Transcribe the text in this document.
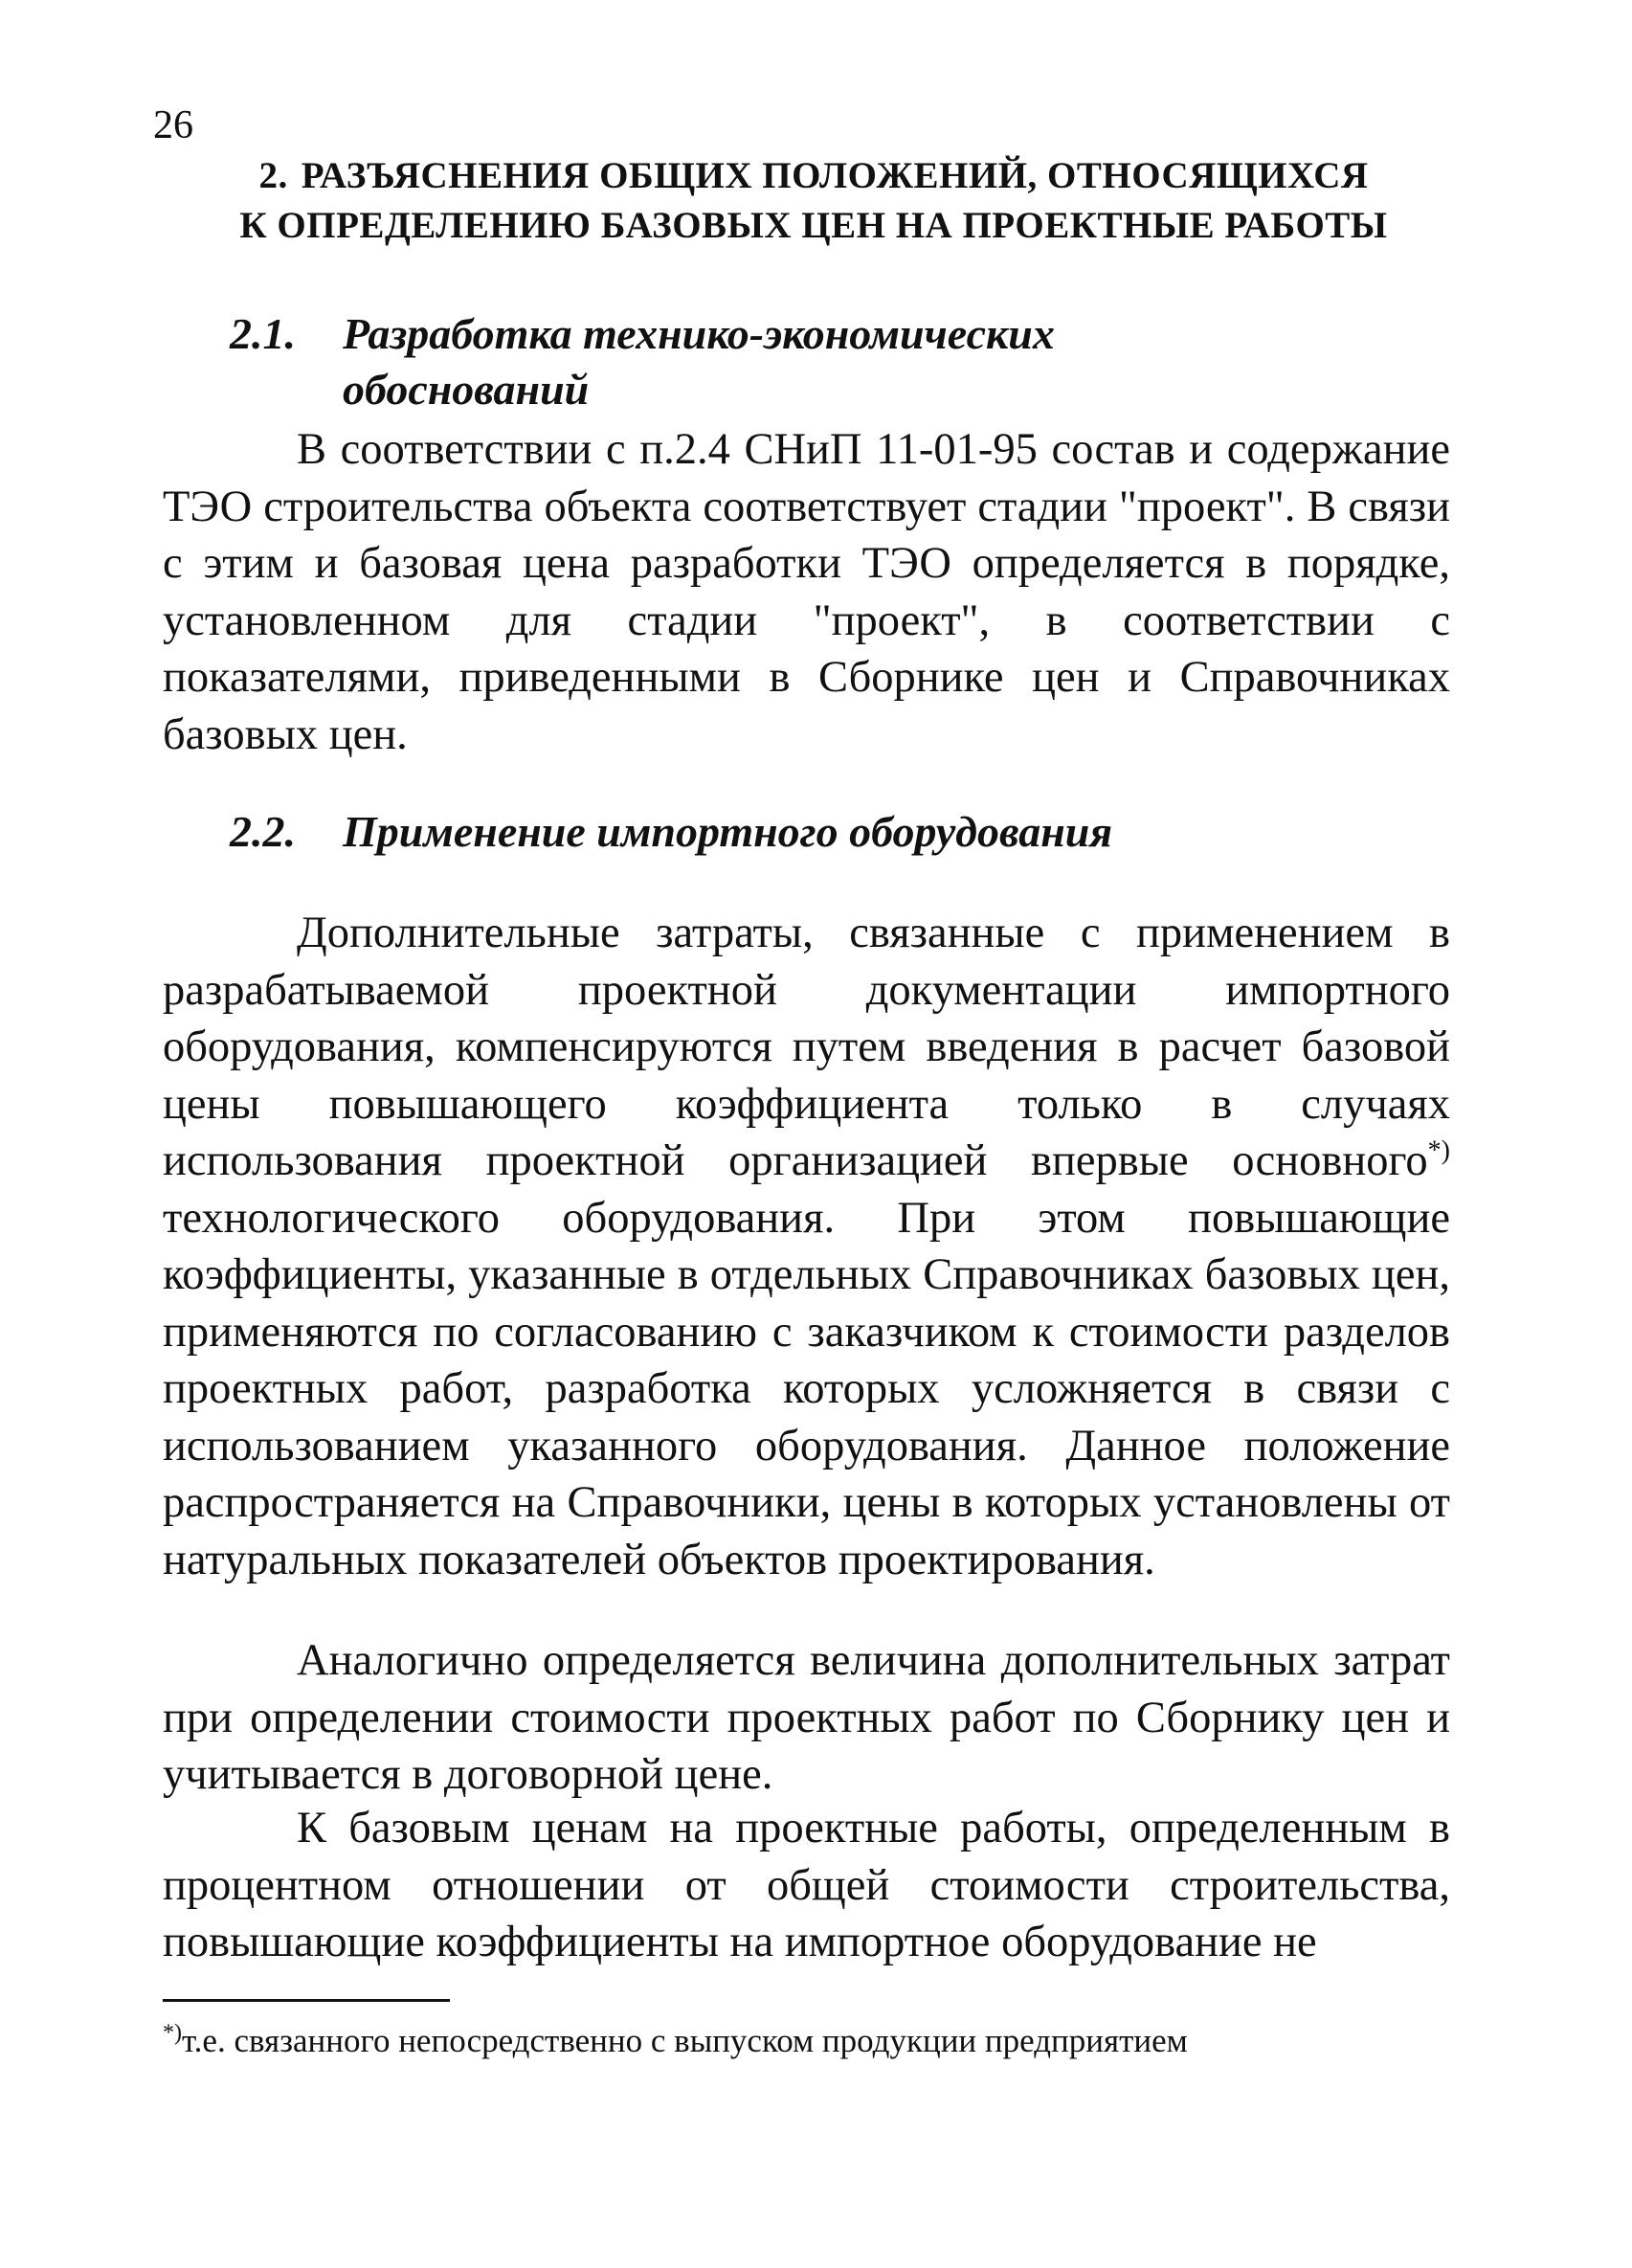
26
2. РАЗЪЯСНЕНИЯ ОБЩИХ ПОЛОЖЕНИЙ, ОТНОСЯЩИХСЯ
К ОПРЕДЕЛЕНИЮ БАЗОВЫХ ЦЕН НА ПРОЕКТНЫЕ РАБОТЫ
2.1. Разработка технико-экономических
обоснований

В соответствии с п.2.4 СНиП 11-01-95 состав и содержание ТЭО строительства объекта соответствует стадии "проект". В связи с этим и базовая цена разработки ТЭО определяется в порядке, установленном для стадии "проект", в соответствии с показателями, приведенными в Сборнике цен и Справочниках базовых цен.

2.2. Применение импортного оборудования

Дополнительные затраты, связанные с применением в разрабатываемой проектной документации импортного оборудования, компенсируются путем введения в расчет базовой цены повышающего коэффициента только в случаях использования проектной организацией впервые основного*) технологического оборудования. При этом повышающие коэффициенты, указанные в отдельных Справочниках базовых цен, применяются по согласованию с заказчиком к стоимости разделов проектных работ, разработка которых усложняется в связи с использованием указанного оборудования. Данное положение распространяется на Справочники, цены в которых установлены от натуральных показателей объектов проектирования.

Аналогично определяется величина дополнительных затрат при определении стоимости проектных работ по Сборнику цен и учитывается в договорной цене.

К базовым ценам на проектные работы, определенным в процентном отношении от общей стоимости строительства, повышающие коэффициенты на импортное оборудование не

*)т.е. связанного непосредственно с выпуском продукции предприятием
